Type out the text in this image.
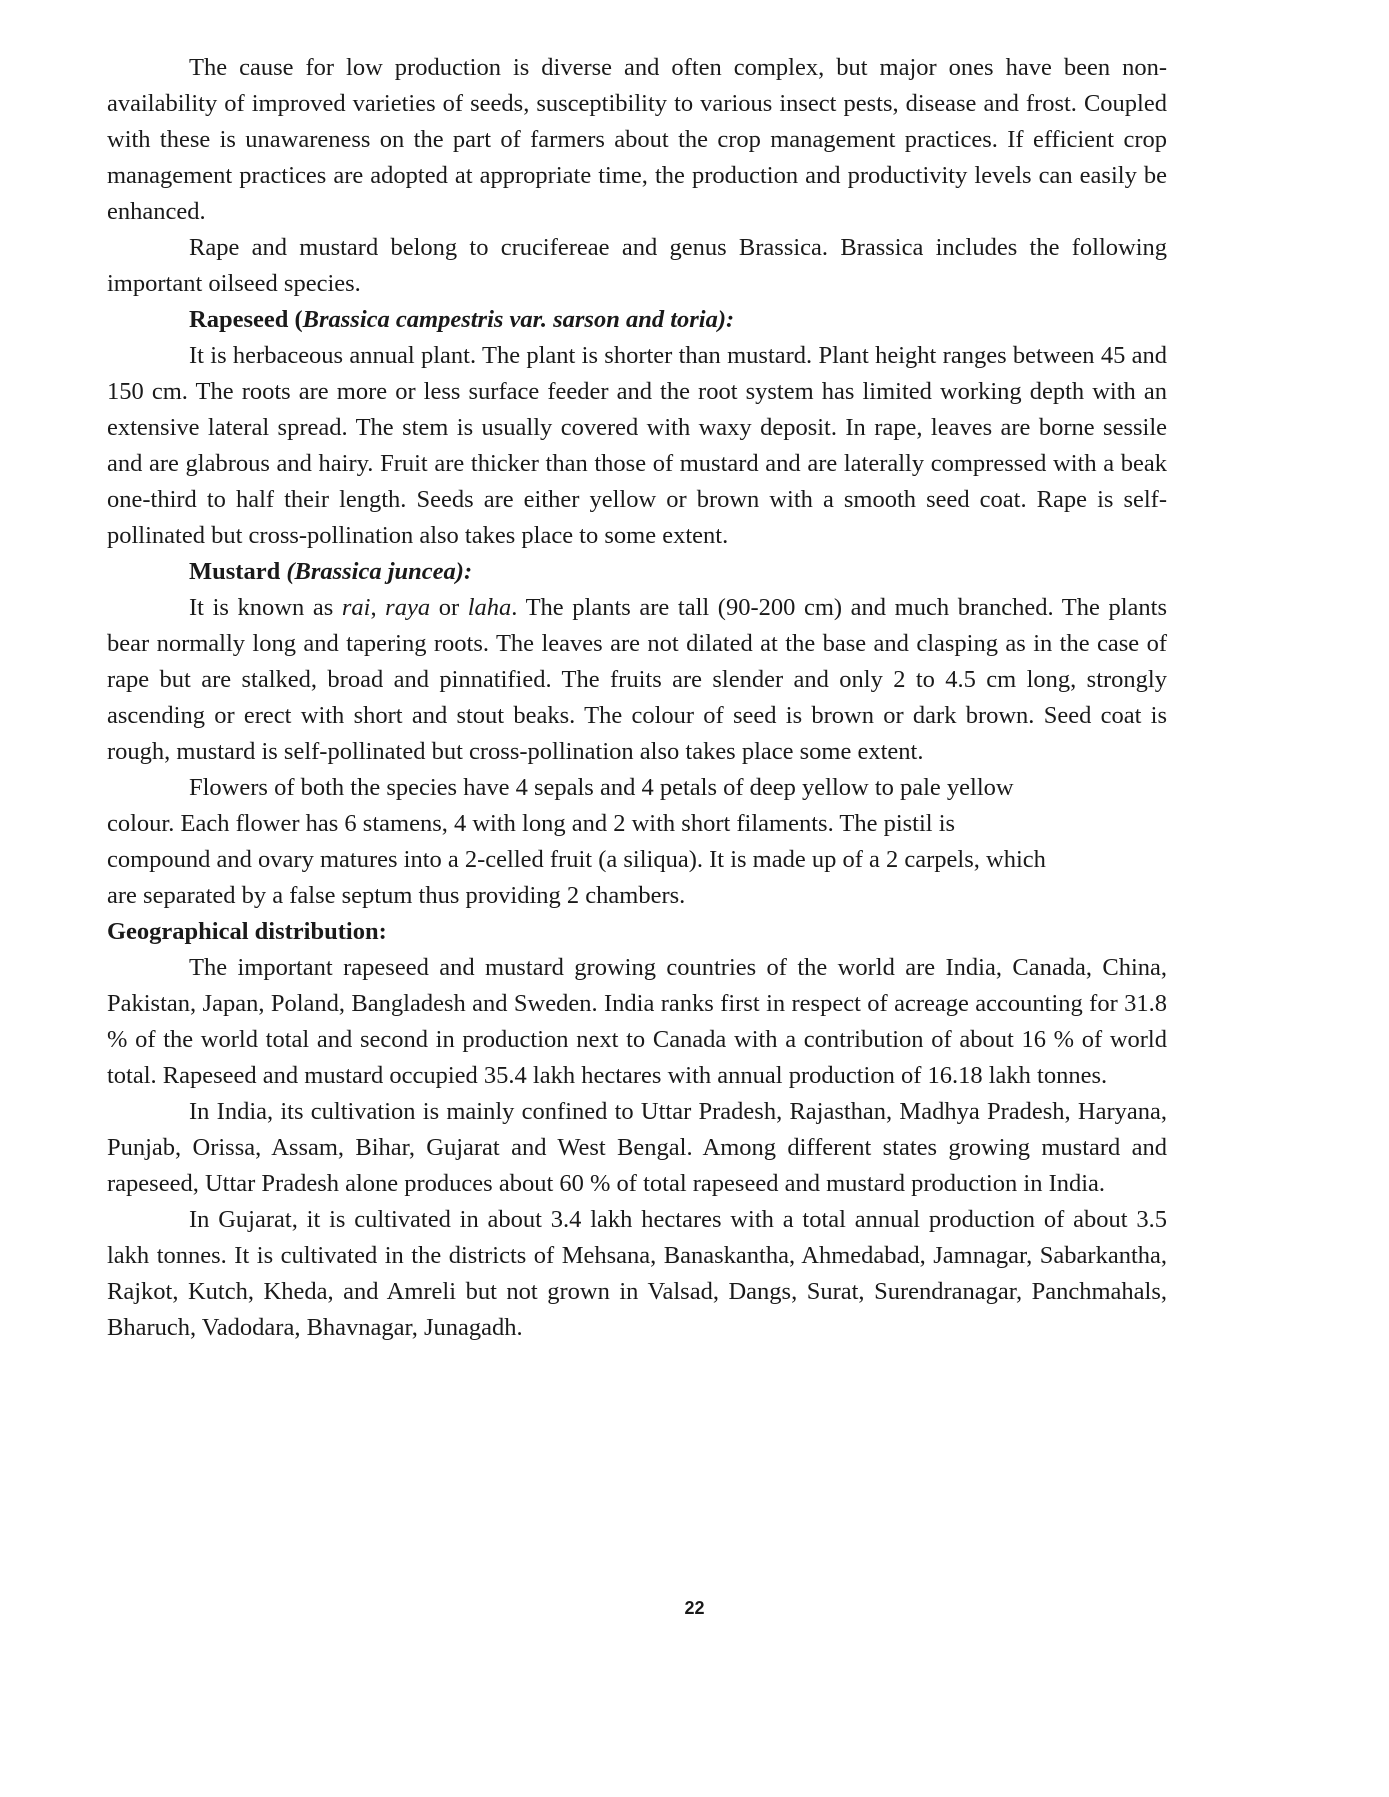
The cause for low production is diverse and often complex, but major ones have been non-availability of improved varieties of seeds, susceptibility to various insect pests, disease and frost. Coupled with these is unawareness on the part of farmers about the crop management practices. If efficient crop management practices are adopted at appropriate time, the production and productivity levels can easily be enhanced.

Rape and mustard belong to crucifereae and genus Brassica. Brassica includes the following important oilseed species.

Rapeseed (Brassica campestris var. sarson and toria):

It is herbaceous annual plant. The plant is shorter than mustard. Plant height ranges between 45 and 150 cm. The roots are more or less surface feeder and the root system has limited working depth with an extensive lateral spread. The stem is usually covered with waxy deposit. In rape, leaves are borne sessile and are glabrous and hairy. Fruit are thicker than those of mustard and are laterally compressed with a beak one-third to half their length. Seeds are either yellow or brown with a smooth seed coat. Rape is self-pollinated but cross-pollination also takes place to some extent.

Mustard (Brassica juncea):

It is known as rai, raya or laha. The plants are tall (90-200 cm) and much branched. The plants bear normally long and tapering roots. The leaves are not dilated at the base and clasping as in the case of rape but are stalked, broad and pinnatified. The fruits are slender and only 2 to 4.5 cm long, strongly ascending or erect with short and stout beaks. The colour of seed is brown or dark brown. Seed coat is rough, mustard is self-pollinated but cross-pollination also takes place some extent.

Flowers of both the species have 4 sepals and 4 petals of deep yellow to pale yellow
colour. Each flower has 6 stamens, 4 with long and 2 with short filaments. The pistil is
compound and ovary matures into a 2-celled fruit (a siliqua). It is made up of a 2 carpels, which
are separated by a false septum thus providing 2 chambers.
Geographical distribution:

The important rapeseed and mustard growing countries of the world are India, Canada, China, Pakistan, Japan, Poland, Bangladesh and Sweden. India ranks first in respect of acreage accounting for 31.8 % of the world total and second in production next to Canada with a contribution of about 16 % of world total. Rapeseed and mustard occupied 35.4 lakh hectares with annual production of 16.18 lakh tonnes.

In India, its cultivation is mainly confined to Uttar Pradesh, Rajasthan, Madhya Pradesh, Haryana, Punjab, Orissa, Assam, Bihar, Gujarat and West Bengal. Among different states growing mustard and rapeseed, Uttar Pradesh alone produces about 60 % of total rapeseed and mustard production in India.

In Gujarat, it is cultivated in about 3.4 lakh hectares with a total annual production of about 3.5 lakh tonnes. It is cultivated in the districts of Mehsana, Banaskantha, Ahmedabad, Jamnagar, Sabarkantha, Rajkot, Kutch, Kheda, and Amreli but not grown in Valsad, Dangs, Surat, Surendranagar, Panchmahals, Bharuch, Vadodara, Bhavnagar, Junagadh.

22
